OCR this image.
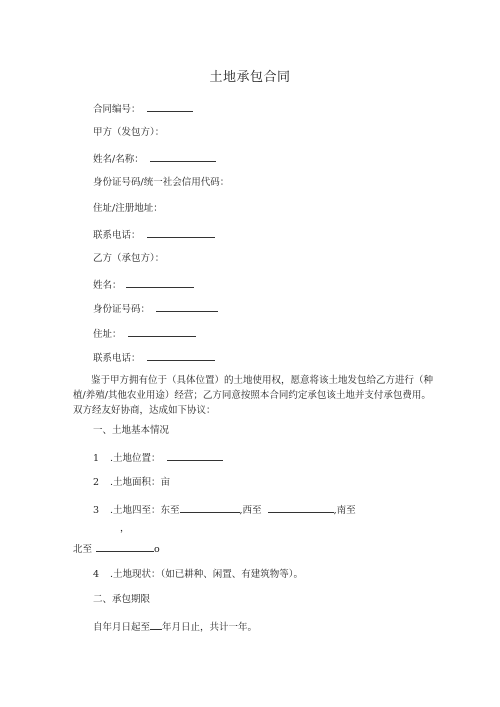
土地承包合同
合同编号：
甲方（发包方）：
姓名/名称：
身份证号码/统一社会信用代码：
住址/注册地址：
联系电话：
乙方（承包方）：
姓名：
身份证号码：
住址：
联系电话：
鉴于甲方拥有位于（具体位置）的土地使用权，愿意将该土地发包给乙方进行（种植/养殖/其他农业用途）经营；乙方同意按照本合同约定承包该土地并支付承包费用。双方经友好协商，达成如下协议：
一、土地基本情况
1 .土地位置：
2 .土地面积：亩
3 .土地四至：东至	,西至	,南至
，
北至	o
4 .土地现状：（如已耕种、闲置、有建筑物等）。
二、承包期限
自年月日起至 年月日止，共计一年。
